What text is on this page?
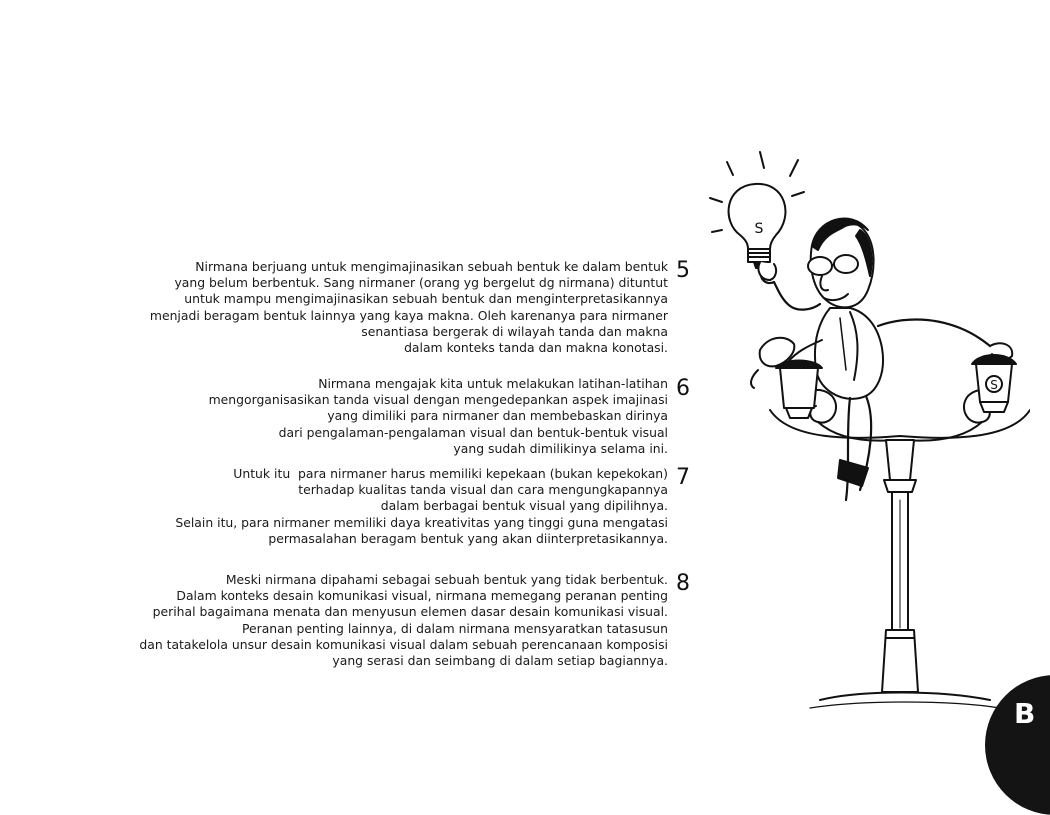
Nirmana berjuang untuk mengimajinasikan sebuah bentuk ke dalam bentuk
yang belum berbentuk. Sang nirmaner (orang yg bergelut dg nirmana) dituntut
untuk mampu mengimajinasikan sebuah bentuk dan menginterpretasikannya
menjadi beragam bentuk lainnya yang kaya makna. Oleh karenanya para nirmaner
senantiasa bergerak di wilayah tanda dan makna
dalam konteks tanda dan makna konotasi.
5
Nirmana mengajak kita untuk melakukan latihan-latihan
mengorganisasikan tanda visual dengan mengedepankan aspek imajinasi
yang dimiliki para nirmaner dan membebaskan dirinya
dari pengalaman-pengalaman visual dan bentuk-bentuk visual
yang sudah dimilikinya selama ini.
6
Untuk itu  para nirmaner harus memiliki kepekaan (bukan kepekokan)
terhadap kualitas tanda visual dan cara mengungkapannya
dalam berbagai bentuk visual yang dipilihnya.
Selain itu, para nirmaner memiliki daya kreativitas yang tinggi guna mengatasi
permasalahan beragam bentuk yang akan diinterpretasikannya.
7
Meski nirmana dipahami sebagai sebuah bentuk yang tidak berbentuk.
Dalam konteks desain komunikasi visual, nirmana memegang peranan penting
perihal bagaimana menata dan menyusun elemen dasar desain komunikasi visual.
Peranan penting lainnya, di dalam nirmana mensyaratkan tatasusun
dan tatakelola unsur desain komunikasi visual dalam sebuah perencanaan komposisi
yang serasi dan seimbang di dalam setiap bagiannya.
8
S
S
B
